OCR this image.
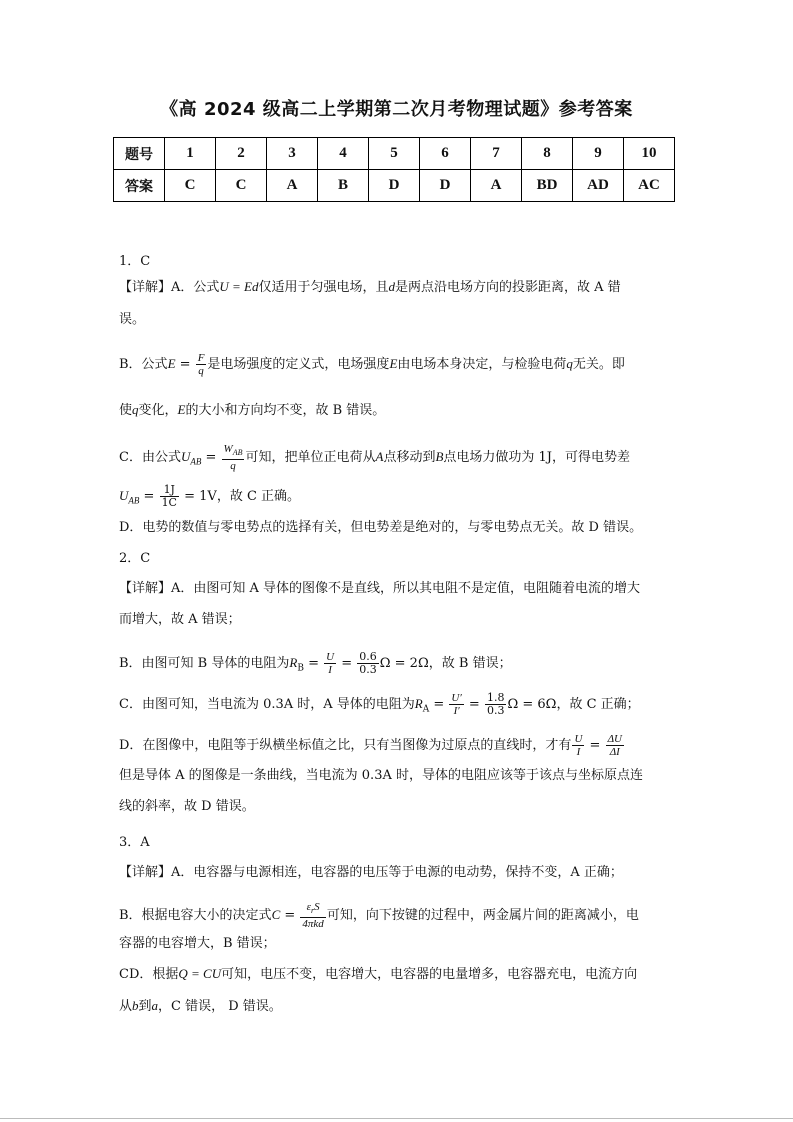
《高 2024 级高二上学期第二次月考物理试题》参考答案
题号	1	2	3	4	5	6	7	8	9	10
答案	C	C	A	B	D	D	A	BD	AD	AC
1．C
【详解】A．公式U = Ed仅适用于匀强电场，且d是两点沿电场方向的投影距离，故 A 错
误。
B．公式$E = \frac{F}{q}$ 是电场强度的定义式，电场强度E由电场本身决定，与检验电荷q无关。即
使q变化，E的大小和方向均不变，故 B 错误。
C．由公式$U_{AB} = \frac{W_{AB}}{q}$ 可知，把单位正电荷从A点移动到B点电场力做功为 1J，可得电势差
$U_{AB} = \frac{1J}{1C} = 1V$，故 C 正确。
D．电势的数值与零电势点的选择有关，但电势差是绝对的，与零电势点无关。故 D 错误。
2．C
【详解】A．由图可知 A 导体的图像不是直线，所以其电阻不是定值，电阻随着电流的增大
而增大，故 A 错误；
B．由图可知 B 导体的电阻为$R_B = \frac{U}{I} = \frac{0.6}{0.3}$ Ω = 2Ω，故 B 错误；
C．由图可知，当电流为 0.3A 时，A 导体的电阻为$R_A = \frac{U'}{I'} = \frac{1.8}{0.3}$ Ω = 6Ω，故 C 正确；
D．在图像中，电阻等于纵横坐标值之比，只有当图像为过原点的直线时，才有 $\frac{U}{I} = \frac{\Delta U}{\Delta I}$
但是导体 A 的图像是一条曲线，当电流为 0.3A 时，导体的电阻应该等于该点与坐标原点连
线的斜率，故 D 错误。
3．A
【详解】A．电容器与电源相连，电容器的电压等于电源的电动势，保持不变，A 正确；
B．根据电容大小的决定式$C = \frac{\varepsilon_rS}{\text{4πkd}}$ 可知，向下按键的过程中，两金属片间的距离减小，电
容器的电容增大，B 错误；
CD．根据Q = CU可知，电压不变，电容增大，电容器的电量增多，电容器充电，电流方向
从b到a，C 错误， D 错误。
